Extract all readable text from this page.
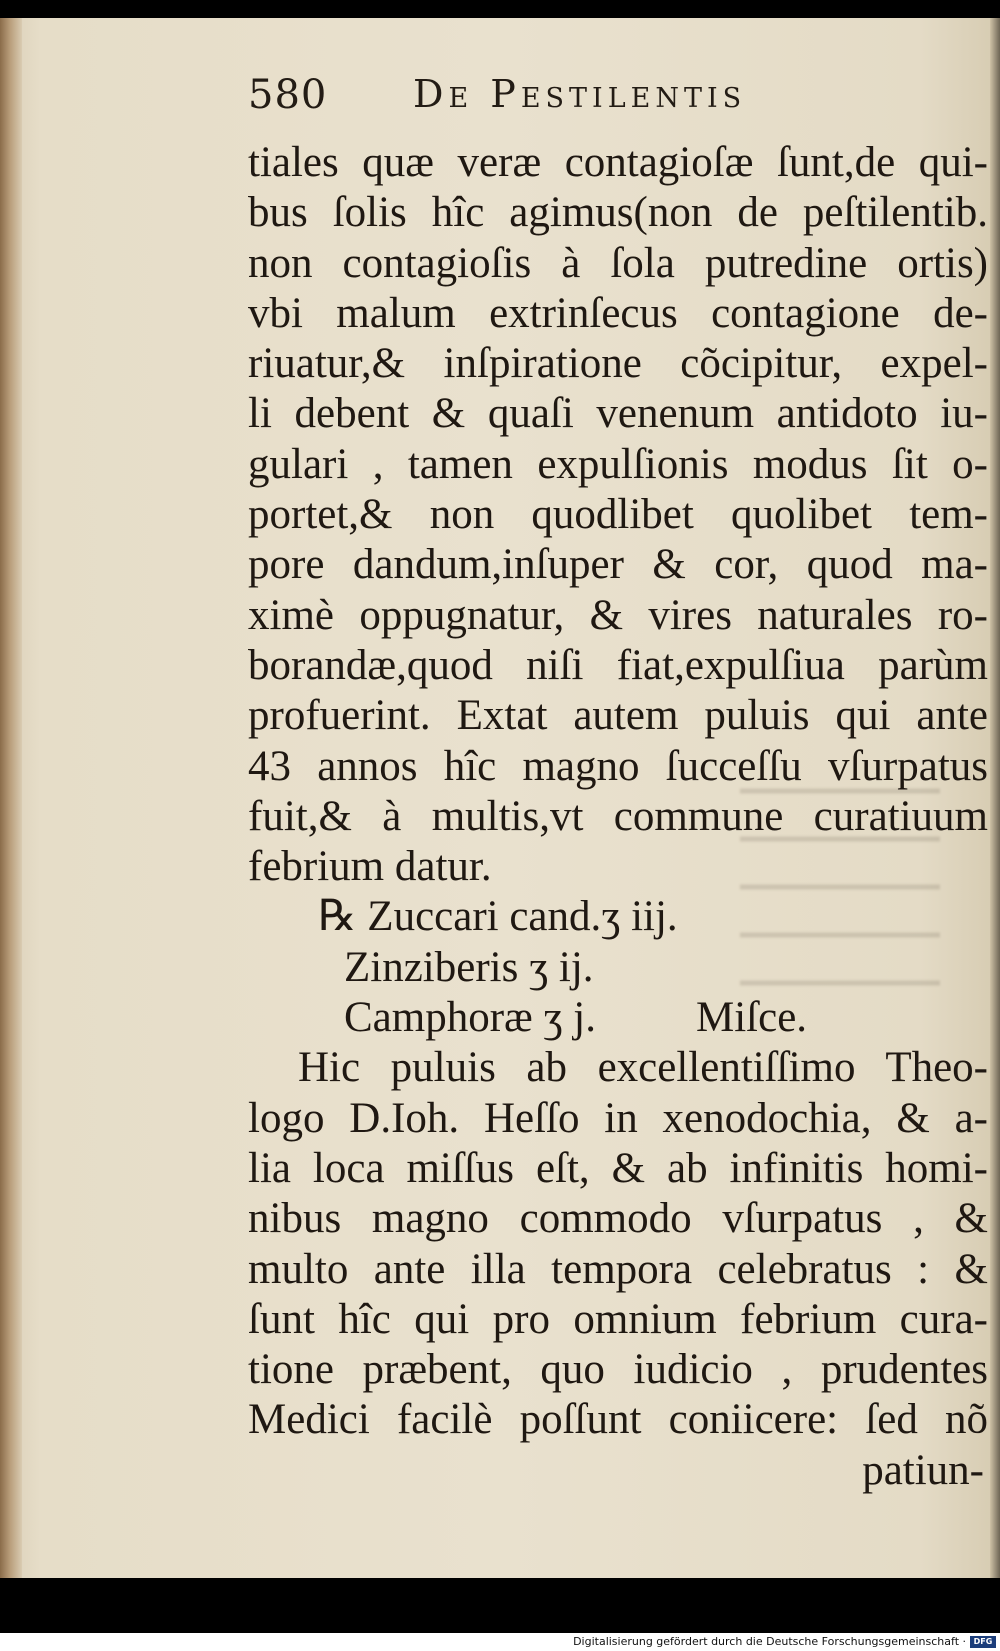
580 De Pestilentis
tiales quæ veræ contagioſæ ſunt,de qui-
bus ſolis hîc agimus(non de peſtilentib.
non contagioſis à ſola putredine ortis)
vbi malum extrinſecus contagione de-
riuatur,& inſpiratione cõcipitur, expel-
li debent & quaſi venenum antidoto iu-
gulari , tamen expulſionis modus ſit o-
portet,& non quodlibet quolibet tem-
pore dandum,inſuper & cor, quod ma-
ximè oppugnatur, & vires naturales ro-
borandæ,quod niſi fiat,expulſiua parùm
profuerint. Extat autem puluis qui ante
43 annos hîc magno ſucceſſu vſurpatus
fuit,& à multis,vt commune curatiuum
febrium datur.
℞ Zuccari cand.ʒ iij.
Zinziberis ʒ ij.
Camphoræ ʒ j. Miſce.
Hic puluis ab excellentiſſimo Theo-
logo D.Ioh. Heſſo in xenodochia, & a-
lia loca miſſus eſt, & ab infinitis homi-
nibus magno commodo vſurpatus , &
multo ante illa tempora celebratus : &
ſunt hîc qui pro omnium febrium cura-
tione præbent, quo iudicio , prudentes
Medici facilè poſſunt coniicere: ſed nõ
patiun-
Digitalisierung gefördert durch die Deutsche Forschungsgemeinschaft · DFG
